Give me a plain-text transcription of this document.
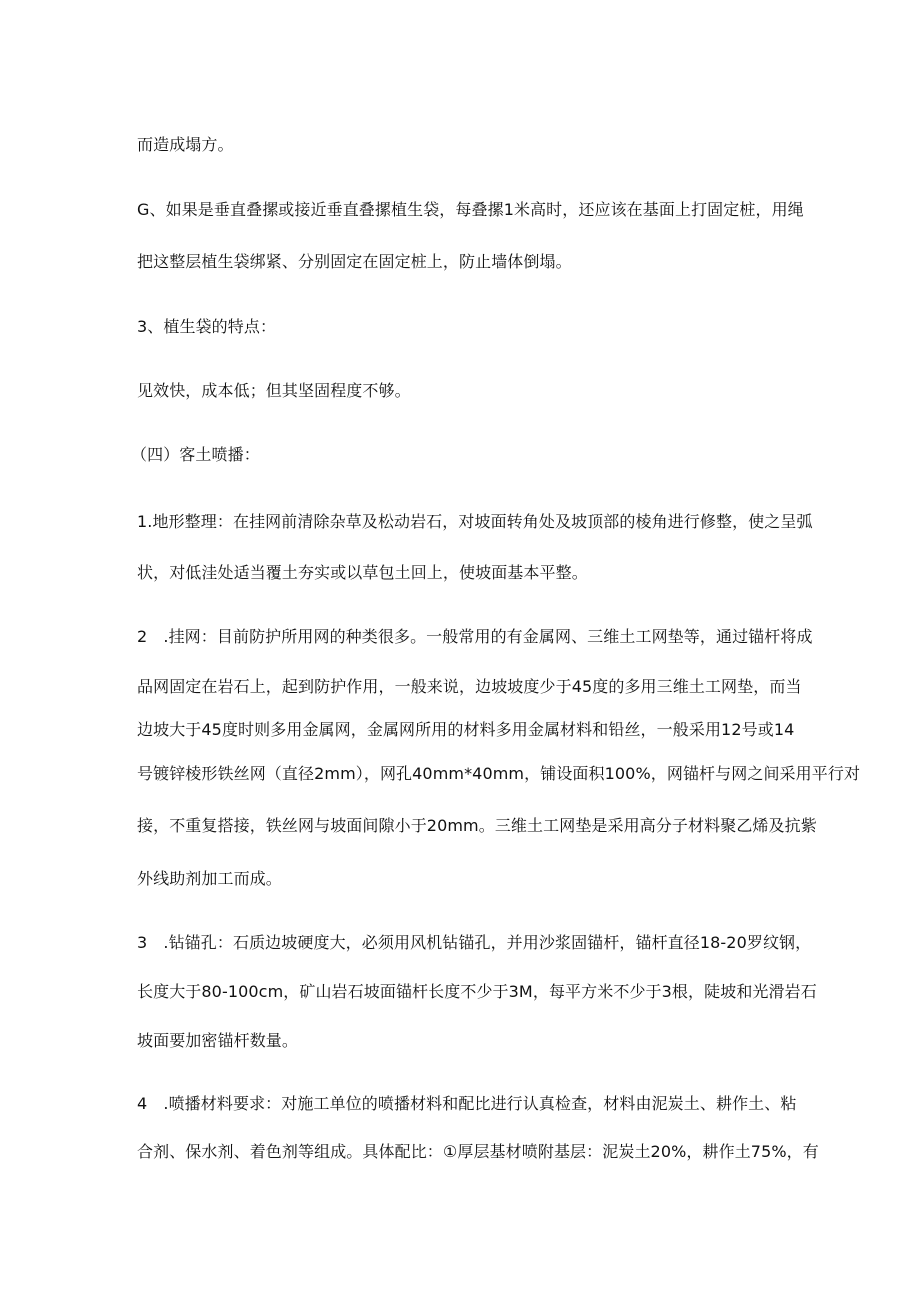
而造成塌方。
G、如果是垂直叠摞或接近垂直叠摞植生袋，每叠摞1米高时，还应该在基面上打固定桩，用绳
把这整层植生袋绑紧、分别固定在固定桩上，防止墙体倒塌。
3、植生袋的特点：
见效快，成本低；但其坚固程度不够。
（四）客土喷播：
1.地形整理：在挂网前清除杂草及松动岩石，对坡面转角处及坡顶部的棱角进行修整，使之呈弧
状，对低洼处适当覆土夯实或以草包土回上，使坡面基本平整。
2　.挂网：目前防护所用网的种类很多。一般常用的有金属网、三维土工网垫等，通过锚杆将成
品网固定在岩石上，起到防护作用，一般来说，边坡坡度少于45度的多用三维土工网垫，而当
边坡大于45度时则多用金属网，金属网所用的材料多用金属材料和铅丝，一般采用12号或14
号镀锌棱形铁丝网（直径2mm），网孔40mm*40mm，铺设面积100%，网锚杆与网之间采用平行对
接，不重复搭接，铁丝网与坡面间隙小于20mm。三维土工网垫是采用高分子材料聚乙烯及抗紫
外线助剂加工而成。
3　.钻锚孔：石质边坡硬度大，必须用风机钻锚孔，并用沙浆固锚杆，锚杆直径18-20罗纹钢，
长度大于80-100cm，矿山岩石坡面锚杆长度不少于3M，每平方米不少于3根，陡坡和光滑岩石
坡面要加密锚杆数量。
4　.喷播材料要求：对施工单位的喷播材料和配比进行认真检查，材料由泥炭土、耕作土、粘
合剂、保水剂、着色剂等组成。具体配比：①厚层基材喷附基层：泥炭土20%，耕作土75%，有
